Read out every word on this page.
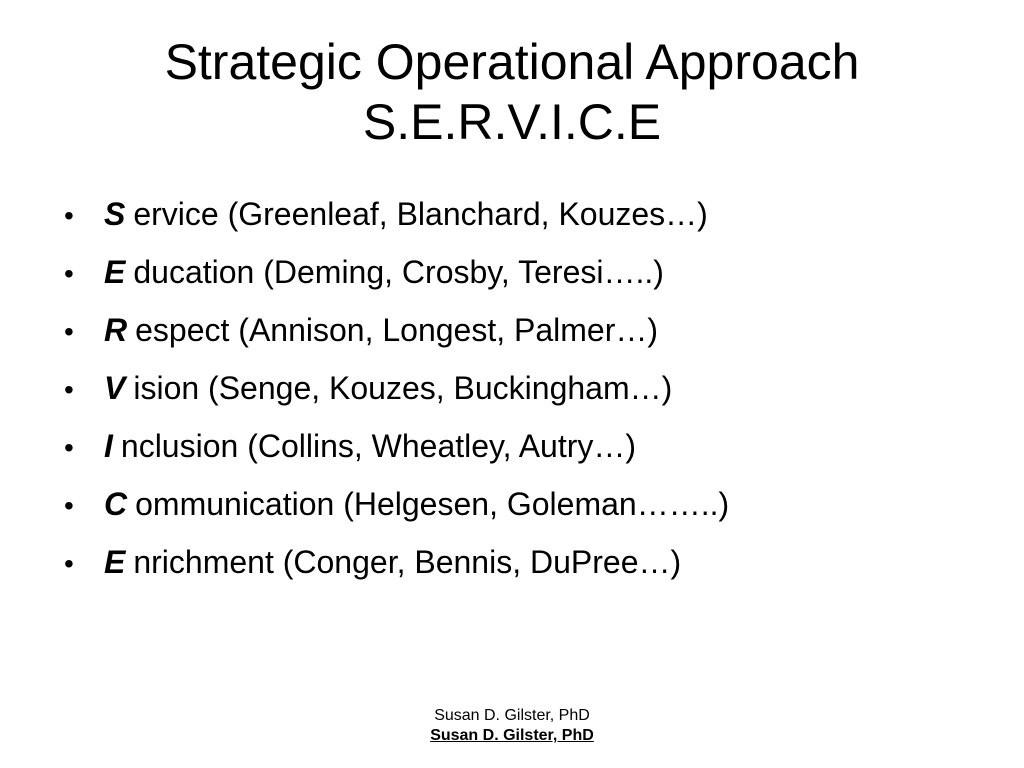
Strategic Operational Approach
S.E.R.V.I.C.E
• S ervice (Greenleaf, Blanchard, Kouzes…)
• E ducation (Deming, Crosby, Teresi…..)
• R espect (Annison, Longest, Palmer…)
• V ision (Senge, Kouzes, Buckingham…)
• I nclusion (Collins, Wheatley, Autry…)
• C ommunication (Helgesen, Goleman……..)
• E nrichment (Conger, Bennis, DuPree…)
Susan D. Gilster, PhD
Susan D. Gilster, PhD
